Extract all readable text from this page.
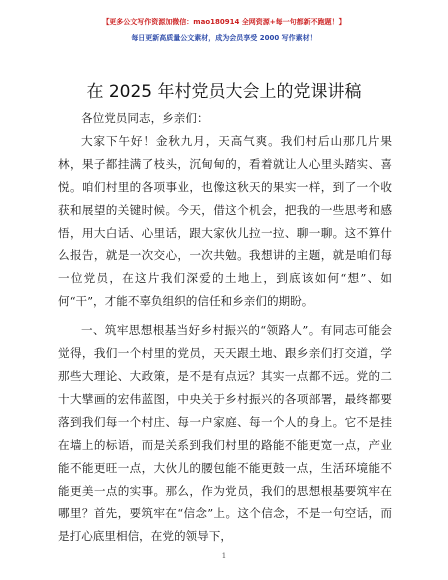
【更多公文写作资源加微信：mao180914 全网资源+每一句都新不跑题！】
每日更新高质量公文素材，成为会员享受 2000 写作素材！
在 2025 年村党员大会上的党课讲稿

各位党员同志，乡亲们：

大家下午好！金秋九月，天高气爽。我们村后山那几片果林，果子都挂满了枝头，沉甸甸的，看着就让人心里头踏实、喜悦。咱们村里的各项事业，也像这秋天的果实一样，到了一个收获和展望的关键时候。今天，借这个机会，把我的一些思考和感悟，用大白话、心里话，跟大家伙儿拉一拉、聊一聊。这不算什么报告，就是一次交心，一次共勉。我想讲的主题，就是咱们每一位党员，在这片我们深爱的土地上，到底该如何“想”、如何“干”，才能不辜负组织的信任和乡亲们的期盼。

一、筑牢思想根基当好乡村振兴的“领路人”。有同志可能会觉得，我们一个村里的党员，天天跟土地、跟乡亲们打交道，学那些大理论、大政策，是不是有点远？其实一点都不远。党的二十大擘画的宏伟蓝图，中央关于乡村振兴的各项部署，最终都要落到我们每一个村庄、每一户家庭、每一个人的身上。它不是挂在墙上的标语，而是关系到我们村里的路能不能更宽一点，产业能不能更旺一点，大伙儿的腰包能不能更鼓一点，生活环境能不能更美一点的实事。那么，作为党员，我们的思想根基要筑牢在哪里？首先，要筑牢在“信念”上。这个信念，不是一句空话，而是打心底里相信，在党的领导下，

1
